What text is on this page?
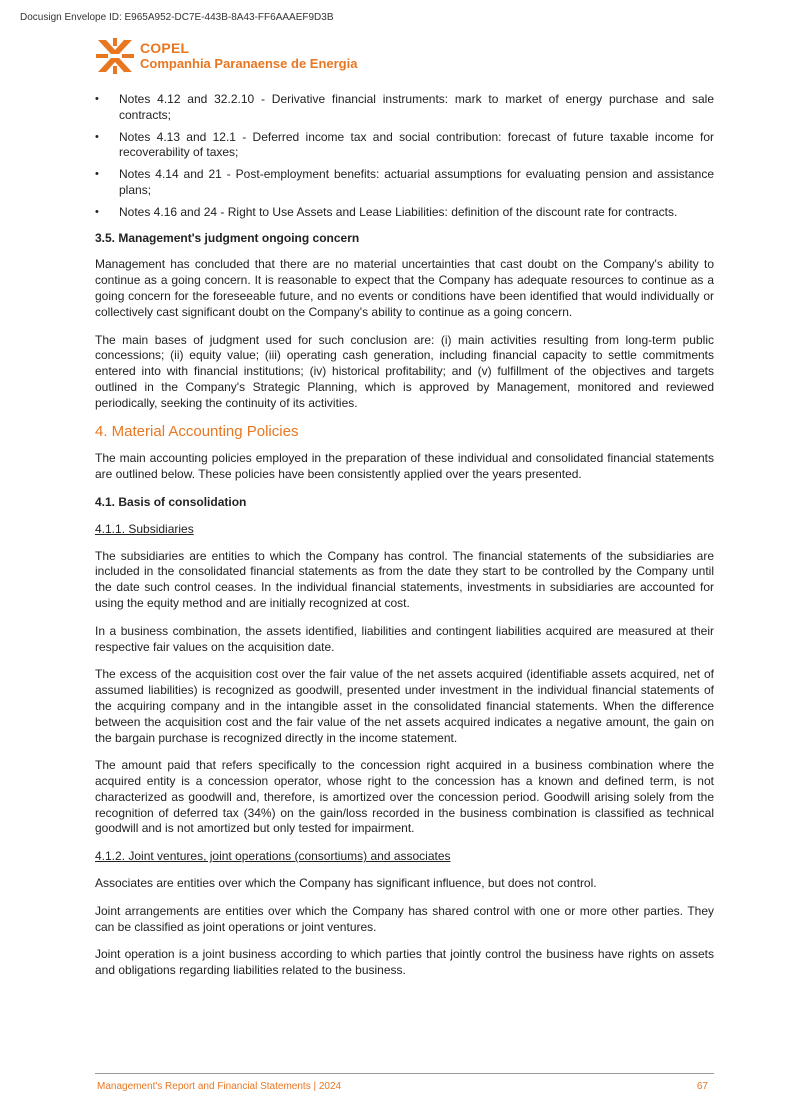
Docusign Envelope ID: E965A952-DC7E-443B-8A43-FF6AAAEF9D3B
COPEL
Companhia Paranaense de Energia
• Notes 4.12 and 32.2.10 - Derivative financial instruments: mark to market of energy purchase and sale contracts;
• Notes 4.13 and 12.1 - Deferred income tax and social contribution: forecast of future taxable income for recoverability of taxes;
• Notes 4.14 and 21 - Post-employment benefits: actuarial assumptions for evaluating pension and assistance plans;
• Notes 4.16 and 24 - Right to Use Assets and Lease Liabilities: definition of the discount rate for contracts.
3.5. Management's judgment ongoing concern

Management has concluded that there are no material uncertainties that cast doubt on the Company's ability to continue as a going concern. It is reasonable to expect that the Company has adequate resources to continue as a going concern for the foreseeable future, and no events or conditions have been identified that would individually or collectively cast significant doubt on the Company's ability to continue as a going concern.

The main bases of judgment used for such conclusion are: (i) main activities resulting from long-term public concessions; (ii) equity value; (iii) operating cash generation, including financial capacity to settle commitments entered into with financial institutions; (iv) historical profitability; and (v) fulfillment of the objectives and targets outlined in the Company's Strategic Planning, which is approved by Management, monitored and reviewed periodically, seeking the continuity of its activities.

4. Material Accounting Policies

The main accounting policies employed in the preparation of these individual and consolidated financial statements are outlined below. These policies have been consistently applied over the years presented.

4.1. Basis of consolidation
4.1.1. Subsidiaries

The subsidiaries are entities to which the Company has control. The financial statements of the subsidiaries are included in the consolidated financial statements as from the date they start to be controlled by the Company until the date such control ceases. In the individual financial statements, investments in subsidiaries are accounted for using the equity method and are initially recognized at cost.

In a business combination, the assets identified, liabilities and contingent liabilities acquired are measured at their respective fair values on the acquisition date.

The excess of the acquisition cost over the fair value of the net assets acquired (identifiable assets acquired, net of assumed liabilities) is recognized as goodwill, presented under investment in the individual financial statements of the acquiring company and in the intangible asset in the consolidated financial statements. When the difference between the acquisition cost and the fair value of the net assets acquired indicates a negative amount, the gain on the bargain purchase is recognized directly in the income statement.

The amount paid that refers specifically to the concession right acquired in a business combination where the acquired entity is a concession operator, whose right to the concession has a known and defined term, is not characterized as goodwill and, therefore, is amortized over the concession period. Goodwill arising solely from the recognition of deferred tax (34%) on the gain/loss recorded in the business combination is classified as technical goodwill and is not amortized but only tested for impairment.

4.1.2. Joint ventures, joint operations (consortiums) and associates

Associates are entities over which the Company has significant influence, but does not control.

Joint arrangements are entities over which the Company has shared control with one or more other parties. They can be classified as joint operations or joint ventures.

Joint operation is a joint business according to which parties that jointly control the business have rights on assets and obligations regarding liabilities related to the business.

Management's Report and Financial Statements | 2024	67
